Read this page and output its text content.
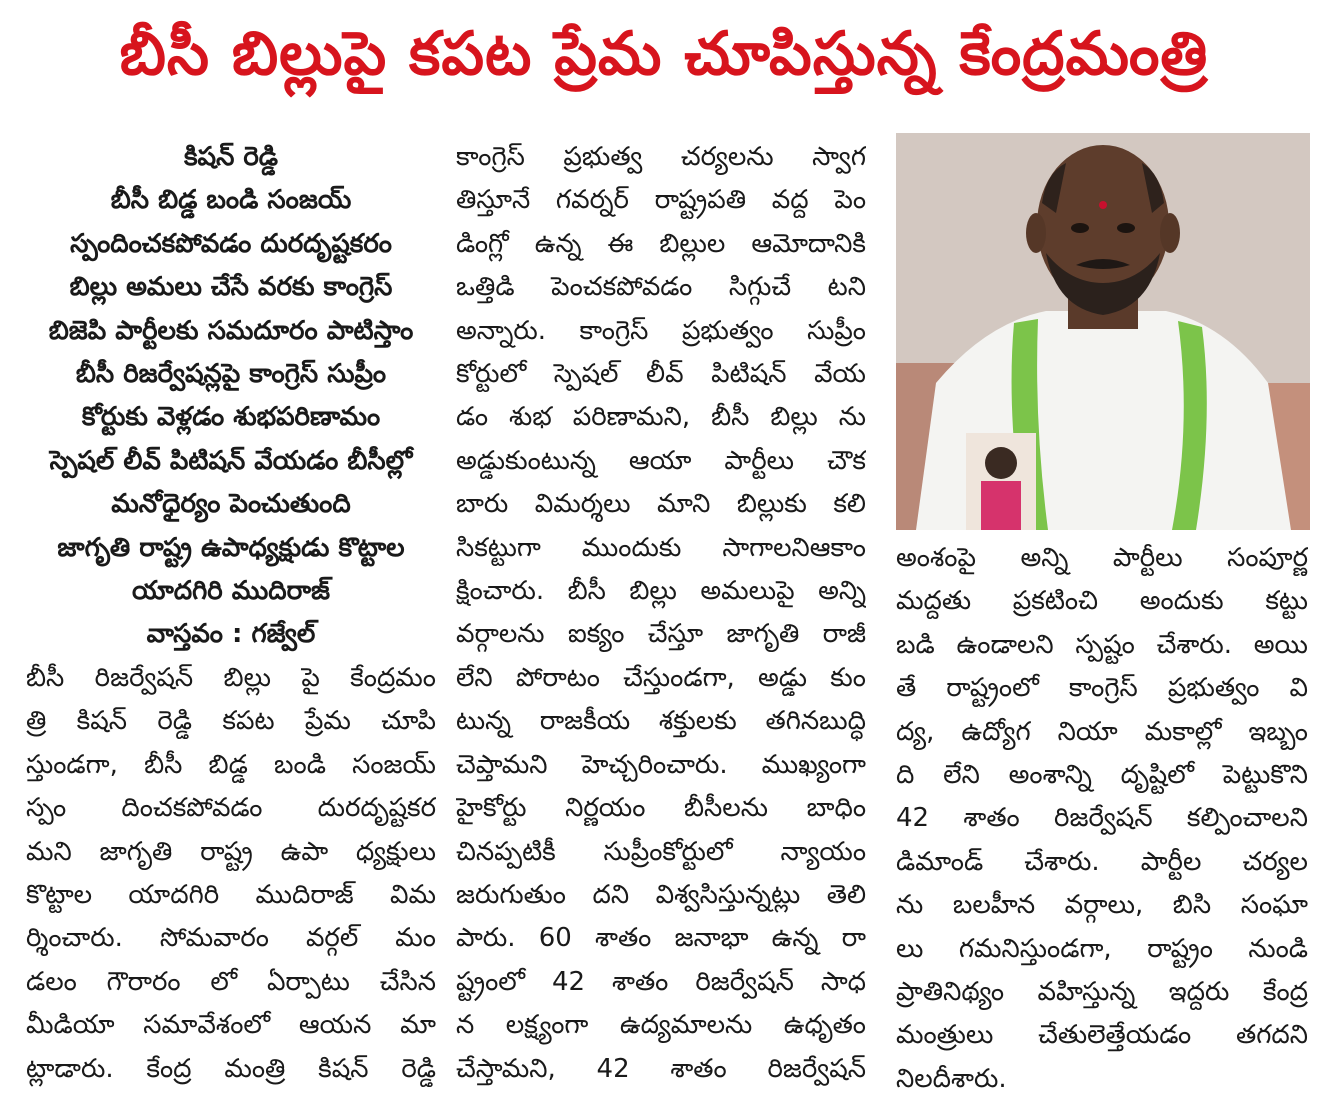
బీసీ బిల్లుపై కపట ప్రేమ చూపిస్తున్న కేంద్రమంత్రి
కిషన్ రెడ్డి
బీసీ బిడ్డ బండి సంజయ్
స్పందించకపోవడం దురదృష్టకరం
బిల్లు అమలు చేసే వరకు కాంగ్రెస్
బిజెపి పార్టీలకు సమదూరం పాటిస్తాం
బీసీ రిజర్వేషన్లపై కాంగ్రెస్ సుప్రీం
కోర్టుకు వెళ్లడం శుభపరిణామం
స్పెషల్ లీవ్ పిటిషన్ వేయడం బీసీల్లో
మనోధైర్యం పెంచుతుంది
జాగృతి రాష్ట్ర ఉపాధ్యక్షుడు కొట్టాల
యాదగిరి ముదిరాజ్
వాస్తవం : గజ్వేల్
బీసీ రిజర్వేషన్ బిల్లు పై కేంద్రమం
త్రి కిషన్ రెడ్డి కపట ప్రేమ చూపి
స్తుండగా, బీసీ బిడ్డ బండి సంజయ్
స్పం దించకపోవడం దురదృష్టకర
మని జాగృతి రాష్ట్ర ఉపా ధ్యక్షులు
కొట్టాల యాదగిరి ముదిరాజ్ విమ
ర్శించారు. సోమవారం వర్గల్ మం
డలం గౌరారం లో ఏర్పాటు చేసిన
మీడియా సమావేశంలో ఆయన మా
ట్లాడారు. కేంద్ర మంత్రి కిషన్ రెడ్డి
కాంగ్రెస్ ప్రభుత్వ చర్యలను స్వాగ
తిస్తూనే గవర్నర్ రాష్ట్రపతి వద్ద పెం
డింగ్లో ఉన్న ఈ బిల్లుల ఆమోదానికి
ఒత్తిడి పెంచకపోవడం సిగ్గుచే టని
అన్నారు. కాంగ్రెస్ ప్రభుత్వం సుప్రీం
కోర్టులో స్పెషల్ లీవ్ పిటిషన్ వేయ
డం శుభ పరిణామని, బీసీ బిల్లు ను
అడ్డుకుంటున్న ఆయా పార్టీలు చౌక
బారు విమర్శలు మాని బిల్లుకు కలి
సికట్టుగా ముందుకు సాగాలనిఆకాం
క్షించారు. బీసీ బిల్లు అమలుపై అన్ని
వర్గాలను ఐక్యం చేస్తూ జాగృతి రాజీ
లేని పోరాటం చేస్తుండగా, అడ్డు కుం
టున్న రాజకీయ శక్తులకు తగినబుద్ధి
చెప్తామని హెచ్చరించారు. ముఖ్యంగా
హైకోర్టు నిర్ణయం బీసీలను బాధిం
చినప్పటికీ సుప్రీంకోర్టులో న్యాయం
జరుగుతుం దని విశ్వసిస్తున్నట్లు తెలి
పారు. 60 శాతం జనాభా ఉన్న రా
ష్ట్రంలో 42 శాతం రిజర్వేషన్ సాధ
న లక్ష్యంగా ఉద్యమాలను ఉధృతం
చేస్తామని, 42 శాతం రిజర్వేషన్
అంశంపై అన్ని పార్టీలు సంపూర్ణ
మద్దతు ప్రకటించి అందుకు కట్టు
బడి ఉండాలని స్పష్టం చేశారు. అయి
తే రాష్ట్రంలో కాంగ్రెస్ ప్రభుత్వం వి
ద్య, ఉద్యోగ నియా మకాల్లో ఇబ్బం
ది లేని అంశాన్ని దృష్టిలో పెట్టుకొని
42 శాతం రిజర్వేషన్ కల్పించాలని
డిమాండ్ చేశారు. పార్టీల చర్యల
ను బలహీన వర్గాలు, బిసి సంఘా
లు గమనిస్తుండగా, రాష్ట్రం నుండి
ప్రాతినిథ్యం వహిస్తున్న ఇద్దరు కేంద్ర
మంత్రులు చేతులెత్తేయడం తగదని
నిలదీశారు.
